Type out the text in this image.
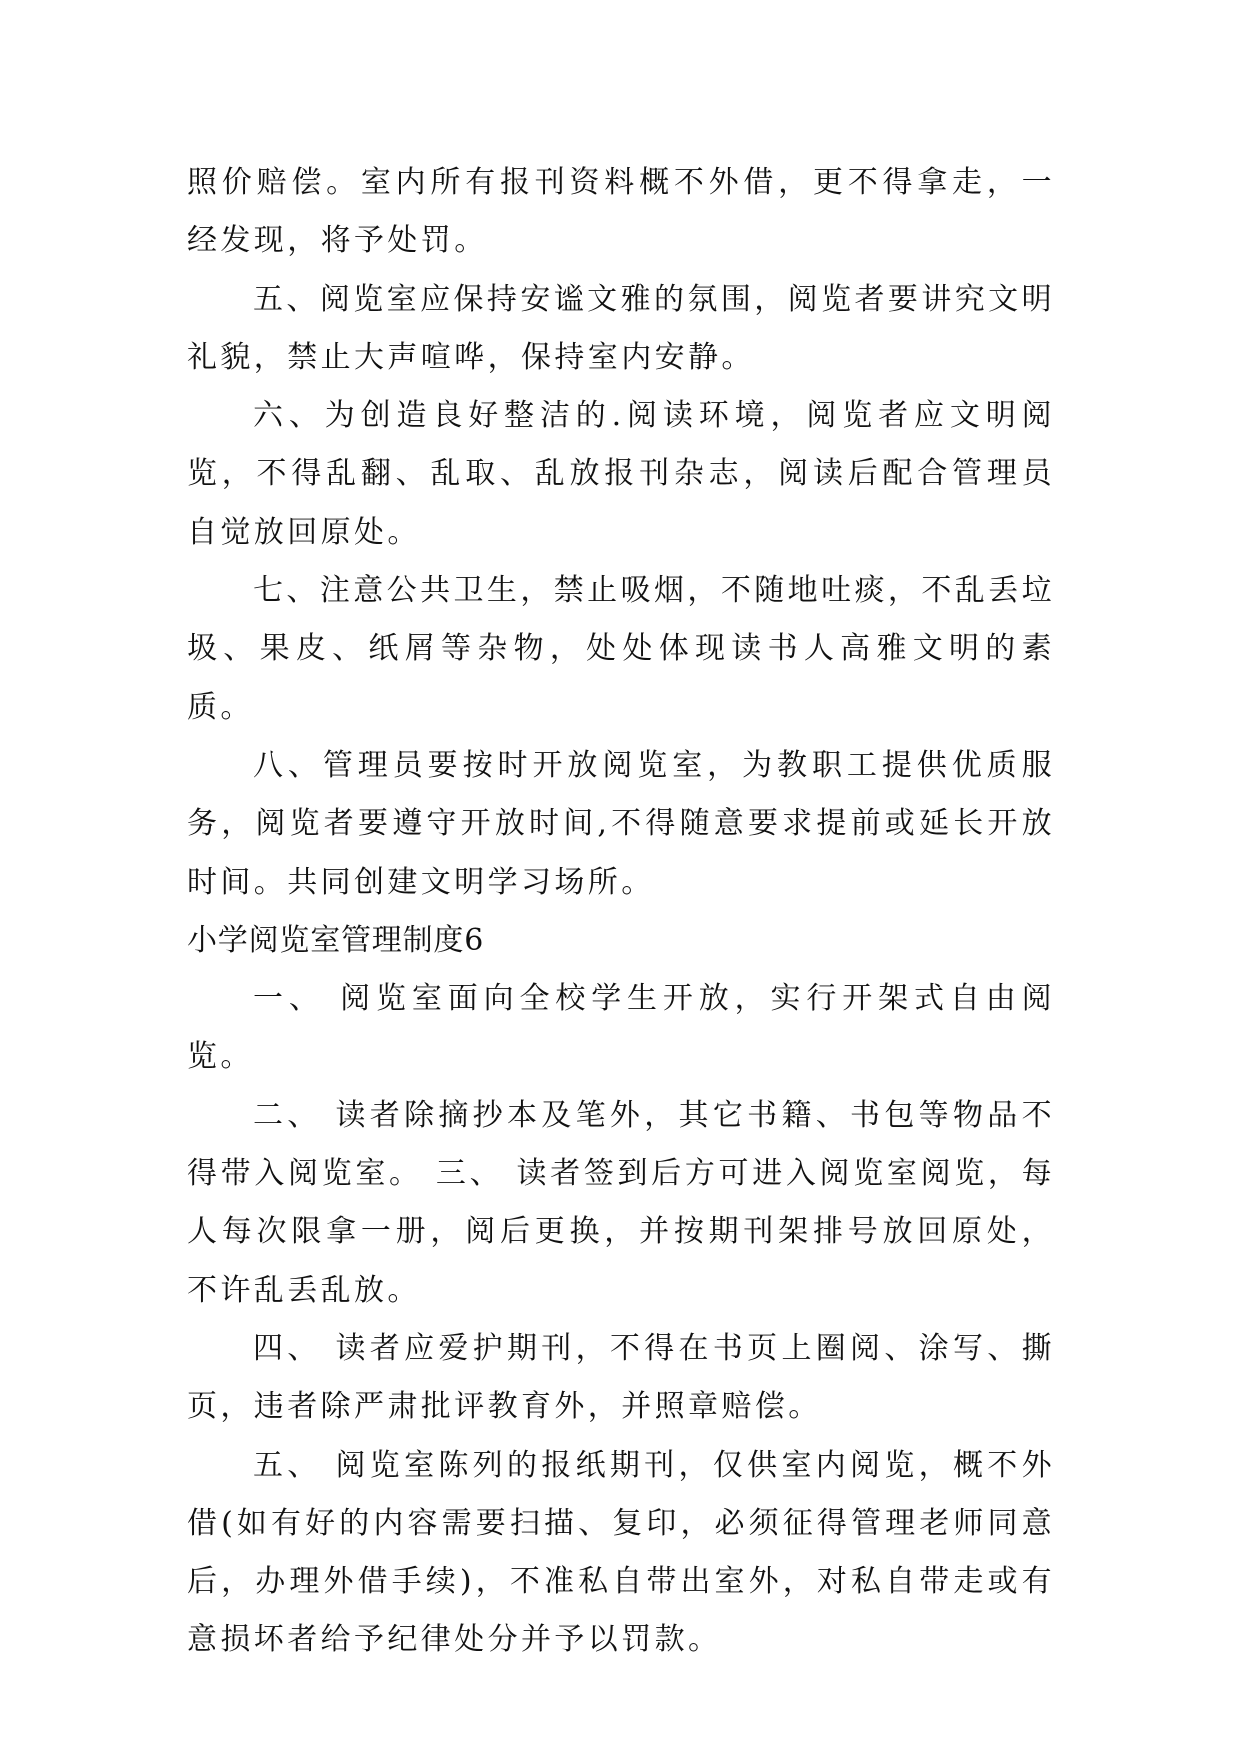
照价赔偿。室内所有报刊资料概不外借，更不得拿走，一经发现，将予处罚。

五、阅览室应保持安谧文雅的氛围，阅览者要讲究文明礼貌，禁止大声喧哗，保持室内安静。

六、为创造良好整洁的.阅读环境，阅览者应文明阅览，不得乱翻、乱取、乱放报刊杂志，阅读后配合管理员自觉放回原处。

七、注意公共卫生，禁止吸烟，不随地吐痰，不乱丢垃圾、果皮、纸屑等杂物，处处体现读书人高雅文明的素质。

八、管理员要按时开放阅览室，为教职工提供优质服务，阅览者要遵守开放时间,不得随意要求提前或延长开放时间。共同创建文明学习场所。

小学阅览室管理制度6

一、 阅览室面向全校学生开放，实行开架式自由阅览。

二、 读者除摘抄本及笔外，其它书籍、书包等物品不得带入阅览室。 三、 读者签到后方可进入阅览室阅览，每人每次限拿一册，阅后更换，并按期刊架排号放回原处，不许乱丢乱放。

四、 读者应爱护期刊，不得在书页上圈阅、涂写、撕页，违者除严肃批评教育外，并照章赔偿。

五、 阅览室陈列的报纸期刊，仅供室内阅览，概不外借(如有好的内容需要扫描、复印，必须征得管理老师同意后，办理外借手续)，不准私自带出室外，对私自带走或有意损坏者给予纪律处分并予以罚款。
